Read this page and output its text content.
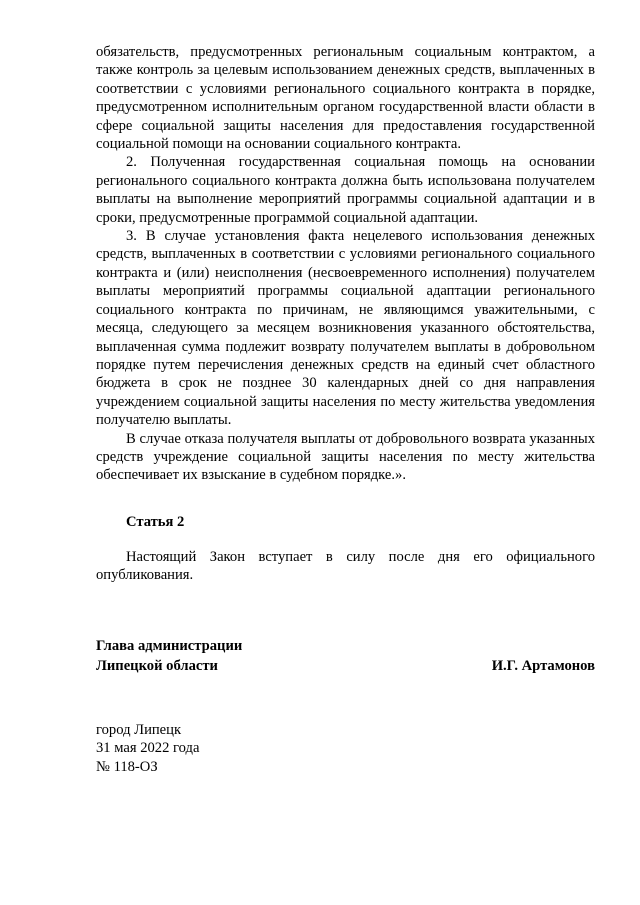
обязательств, предусмотренных региональным социальным контрактом, а также контроль за целевым использованием денежных средств, выплаченных в соответствии с условиями регионального социального контракта в порядке, предусмотренном исполнительным органом государственной власти области в сфере социальной защиты населения для предоставления государственной социальной помощи на основании социального контракта.

2. Полученная государственная социальная помощь на основании регионального социального контракта должна быть использована получателем выплаты на выполнение мероприятий программы социальной адаптации и в сроки, предусмотренные программой социальной адаптации.

3. В случае установления факта нецелевого использования денежных средств, выплаченных в соответствии с условиями регионального социального контракта и (или) неисполнения (несвоевременного исполнения) получателем выплаты мероприятий программы социальной адаптации регионального социального контракта по причинам, не являющимся уважительными, с месяца, следующего за месяцем возникновения указанного обстоятельства, выплаченная сумма подлежит возврату получателем выплаты в добровольном порядке путем перечисления денежных средств на единый счет областного бюджета в срок не позднее 30 календарных дней со дня направления учреждением социальной защиты населения по месту жительства уведомления получателю выплаты.

В случае отказа получателя выплаты от добровольного возврата указанных средств учреждение социальной защиты населения по месту жительства обеспечивает их взыскание в судебном порядке.».

Статья 2

Настоящий Закон вступает в силу после дня его официального опубликования.

Глава администрации
Липецкой области	И.Г. Артамонов
город Липецк
31 мая 2022 года
№ 118-ОЗ
